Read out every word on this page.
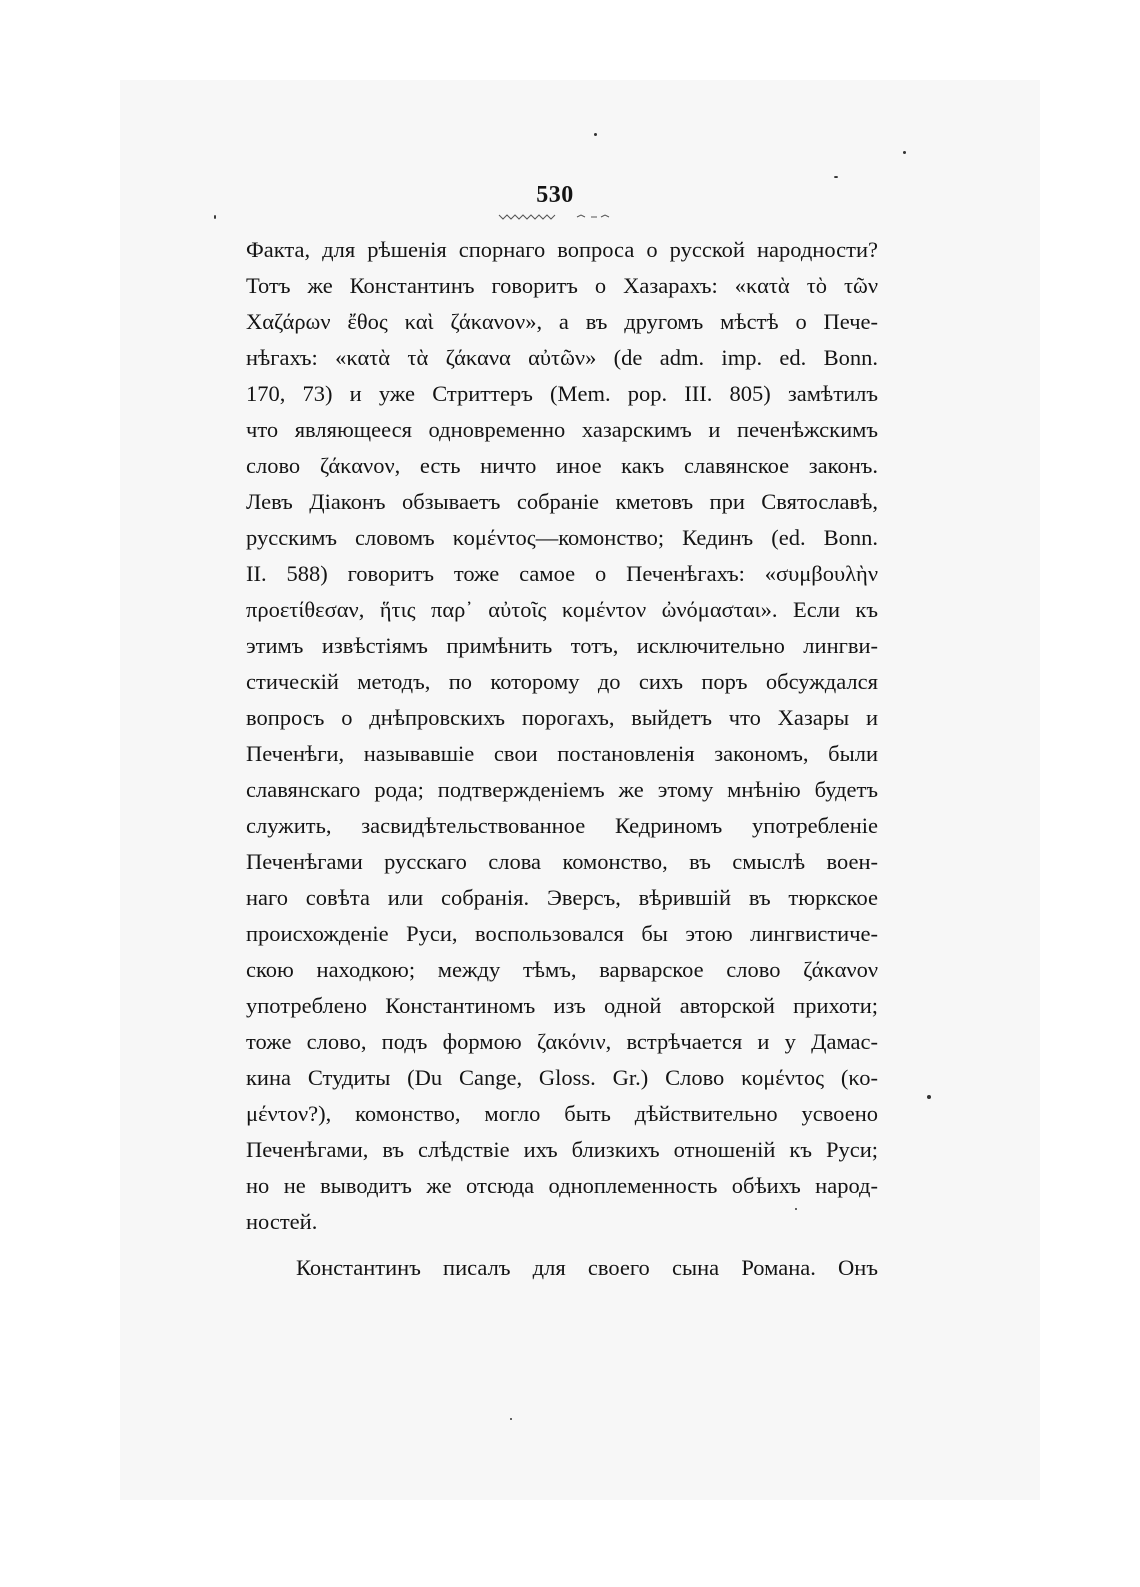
530
Факта, для рѣшенія спорнаго вопроса о русской народности?
Тотъ же Константинъ говоритъ о Хазарахъ: «κατὰ τὸ τῶν
Χαζάρων ἔθος καὶ ζάκανον», а въ другомъ мѣстѣ о Пече-
нѣгахъ: «κατὰ τὰ ζάκανα αὐτῶν» (de adm. imp. ed. Bonn.
170, 73) и уже Стриттеръ (Mem. pop. III. 805) замѣтилъ
что являющееся одновременно хазарскимъ и печенѣжскимъ
слово ζάκανον, есть ничто иное какъ славянское законъ.
Левъ Діаконъ обзываетъ собраніе кметовъ при Святославѣ,
русскимъ словомъ κομέντος—комонство; Кединъ (ed. Bonn.
II. 588) говоритъ тоже самое о Печенѣгахъ: «συμβουλὴν
προετίθεσαν, ἥτις παρ᾽ αὐτοῖς κομέντον ὠνόμασται». Если къ
этимъ извѣстіямъ примѣнить тотъ, исключительно лингви-
стическій методъ, по которому до сихъ поръ обсуждался
вопросъ о днѣпровскихъ порогахъ, выйдетъ что Хазары и
Печенѣги, называвшіе свои постановленія закономъ, были
славянскаго рода; подтвержденіемъ же этому мнѣнію будетъ
служить, засвидѣтельствованное Кедриномъ употребленіе
Печенѣгами русскаго слова комонство, въ смыслѣ воен-
наго совѣта или собранія. Эверсъ, вѣрившій въ тюркское
происхожденіе Руси, воспользовался бы этою лингвистиче-
скою находкою; между тѣмъ, варварское слово ζάκανον
употреблено Константиномъ изъ одной авторской прихоти;
тоже слово, подъ формою ζακόνιν, встрѣчается и у Дамас-
кина Студиты (Du Cange, Gloss. Gr.) Слово κομέντος (κο-
μέντον?), комонство, могло быть дѣйствительно усвоено
Печенѣгами, въ слѣдствіе ихъ близкихъ отношеній къ Руси;
но не выводитъ же отсюда одноплеменность обѣихъ народ-
ностей.
Константинъ писалъ для своего сына Романа. Онъ
